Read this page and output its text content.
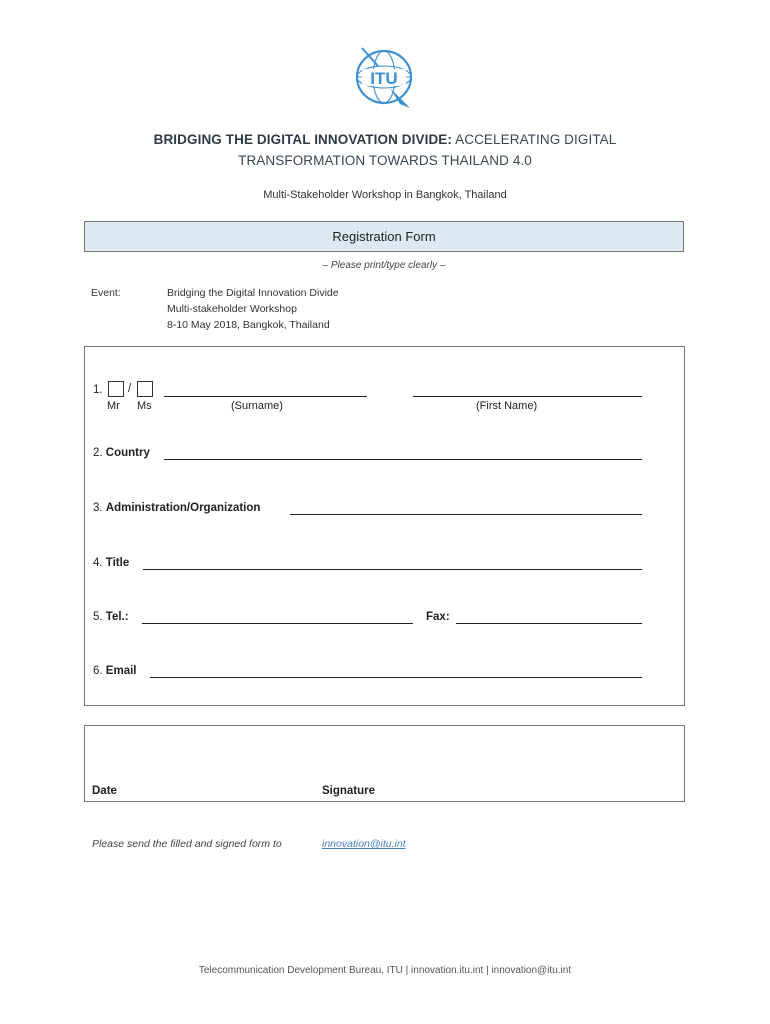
ITU
BRIDGING THE DIGITAL INNOVATION DIVIDE: ACCELERATING DIGITAL
TRANSFORMATION TOWARDS THAILAND 4.0
Multi-Stakeholder Workshop in Bangkok, Thailand
Registration Form
– Please print/type clearly –
Event:	Bridging the Digital Innovation Divide
Multi-stakeholder Workshop
8-10 May 2018, Bangkok, Thailand
1. /
Mr Ms	(Surname)	(First Name)
2. Country
3. Administration/Organization
4. Title
5. Tel.:	Fax:
6. Email
Date	Signature
Please send the filled and signed form to	innovation@itu.int
Telecommunication Development Bureau, ITU | innovation.itu.int | innovation@itu.int
